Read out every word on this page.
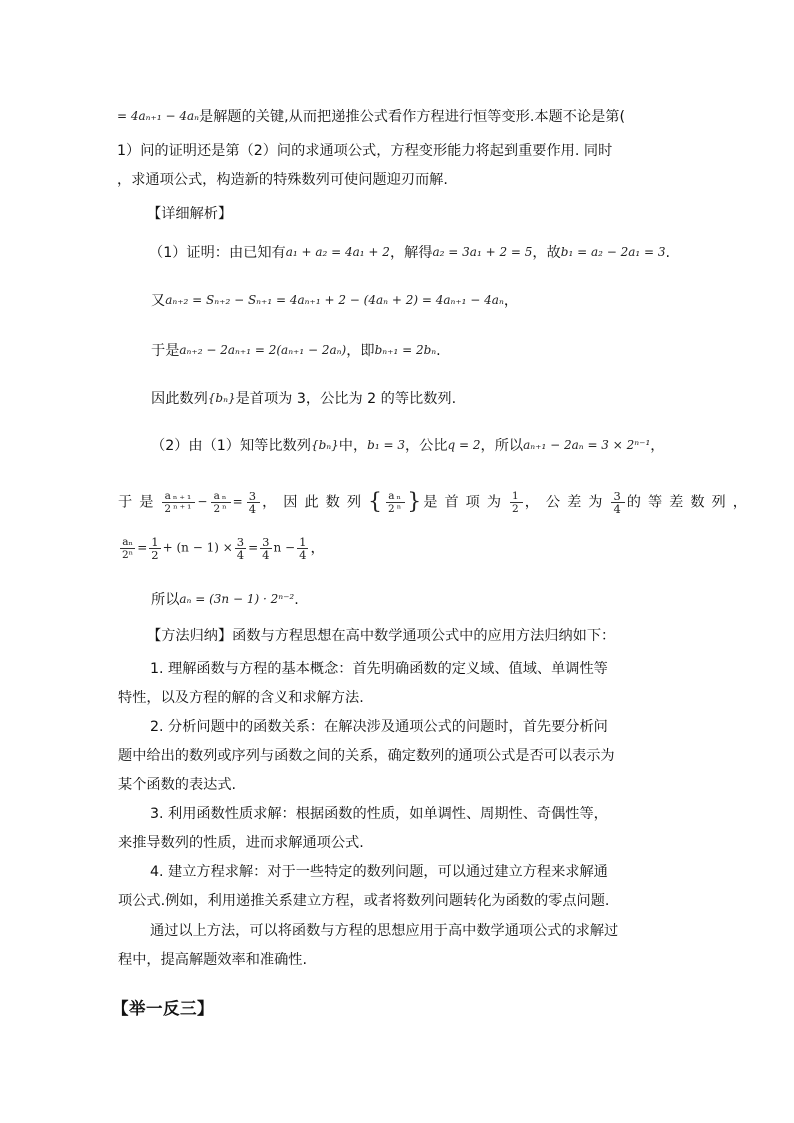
= 4aₙ₊₁ − 4aₙ是解题的关键,从而把递推公式看作方程进行恒等变形.本题不论是第(
1）问的证明还是第（2）问的求通项公式，方程变形能力将起到重要作用. 同时
，求通项公式，构造新的特殊数列可使问题迎刃而解.
【详细解析】
（1）证明：由已知有a₁ + a₂ = 4a₁ + 2，解得a₂ = 3a₁ + 2 = 5，故b₁ = a₂ − 2a₁ = 3.
又aₙ₊₂ = Sₙ₊₂ − Sₙ₊₁ = 4aₙ₊₁ + 2 − (4aₙ + 2) = 4aₙ₊₁ − 4aₙ，
于是aₙ₊₂ − 2aₙ₊₁ = 2(aₙ₊₁ − 2aₙ)，即bₙ₊₁ = 2bₙ.
因此数列{bₙ}是首项为 3，公比为 2 的等比数列.
（2）由（1）知等比数列{bₙ}中，b₁ = 3，公比q = 2，所以aₙ₊₁ − 2aₙ = 3 × 2ⁿ⁻¹，
于是 $\frac{\text{aₙ₊₁}}{\text{2ⁿ⁺¹}} - \frac{\text{aₙ}}{\text{2ⁿ}} = \frac{3}{4}$ ，因此数列{ $\frac{\text{aₙ}}{\text{2ⁿ}}$ }是首项为 $\frac{1}{2}$ ，公差为 $\frac{3}{4}$ 的等差数列，
$\frac{\text{aₙ}}{\text{2ⁿ}} = \frac{1}{2} + (n - 1) \times \frac{3}{4} = \frac{3}{4}$ $n - \frac{1}{4}$ ，
所以aₙ = (3n − 1) · 2ⁿ⁻².
【方法归纳】函数与方程思想在高中数学通项公式中的应用方法归纳如下：
1. 理解函数与方程的基本概念：首先明确函数的定义域、值域、单调性等
特性，以及方程的解的含义和求解方法.
2. 分析问题中的函数关系：在解决涉及通项公式的问题时，首先要分析问
题中给出的数列或序列与函数之间的关系，确定数列的通项公式是否可以表示为
某个函数的表达式.
3. 利用函数性质求解：根据函数的性质，如单调性、周期性、奇偶性等，
来推导数列的性质，进而求解通项公式.
4. 建立方程求解：对于一些特定的数列问题，可以通过建立方程来求解通
项公式.例如，利用递推关系建立方程，或者将数列问题转化为函数的零点问题.
通过以上方法，可以将函数与方程的思想应用于高中数学通项公式的求解过
程中，提高解题效率和准确性.
【举一反三】
